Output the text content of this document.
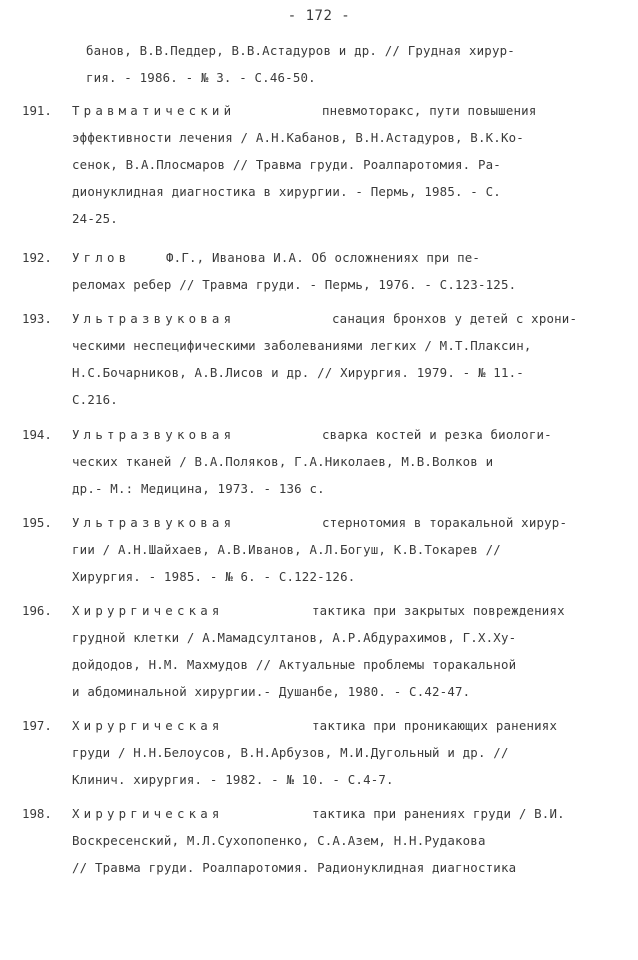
- 172 -
банов, В.В.Педдер, В.В.Астадуров и др. // Грудная хирур-
гия. - 1986. - № 3. - С.46-50.
191. Травматический	пневмоторакс, пути повышения
эффективности лечения / А.Н.Кабанов, В.Н.Астадуров, В.К.Ко-
сенок, В.А.Плосмаров // Травма груди. Роалпаротомия. Ра-
дионуклидная диагностика в хирургии. - Пермь, 1985. - С.
24-25.
192. Углов	Ф.Г., Иванова И.А. Об осложнениях при пе-
реломах ребер // Травма груди. - Пермь, 1976. - С.123-125.
193. Ультразвуковая	санация бронхов у детей с хрони-
ческими неспецифическими заболеваниями легких / М.Т.Плаксин,
Н.С.Бочарников, А.В.Лисов и др. // Хирургия. 1979. - № 11.-
С.216.
194. Ультразвуковая	сварка костей и резка биологи-
ческих тканей / В.А.Поляков, Г.А.Николаев, М.В.Волков и
др.- М.: Медицина, 1973. - 136 с.
195. Ультразвуковая	стернотомия в торакальной хирур-
гии / А.Н.Шайхаев, А.В.Иванов, А.Л.Богуш, К.В.Токарев //
Хирургия. - 1985. - № 6. - С.122-126.
196. Хирургическая	тактика при закрытых повреждениях
грудной клетки / А.Мамадсултанов, А.Р.Абдурахимов, Г.Х.Ху-
дойдодов, Н.М. Махмудов // Актуальные проблемы торакальной
и абдоминальной хирургии.- Душанбе, 1980. - С.42-47.
197. Хирургическая	тактика при проникающих ранениях
груди / Н.Н.Белоусов, В.Н.Арбузов, М.И.Дугольный и др. //
Клинич. хирургия. - 1982. - № 10. - С.4-7.
198. Хирургическая	тактика при ранениях груди / В.И.
Воскресенский, М.Л.Сухопопенко, С.А.Азем, Н.Н.Рудакова
// Травма груди. Роалпаротомия. Радионуклидная диагностика
